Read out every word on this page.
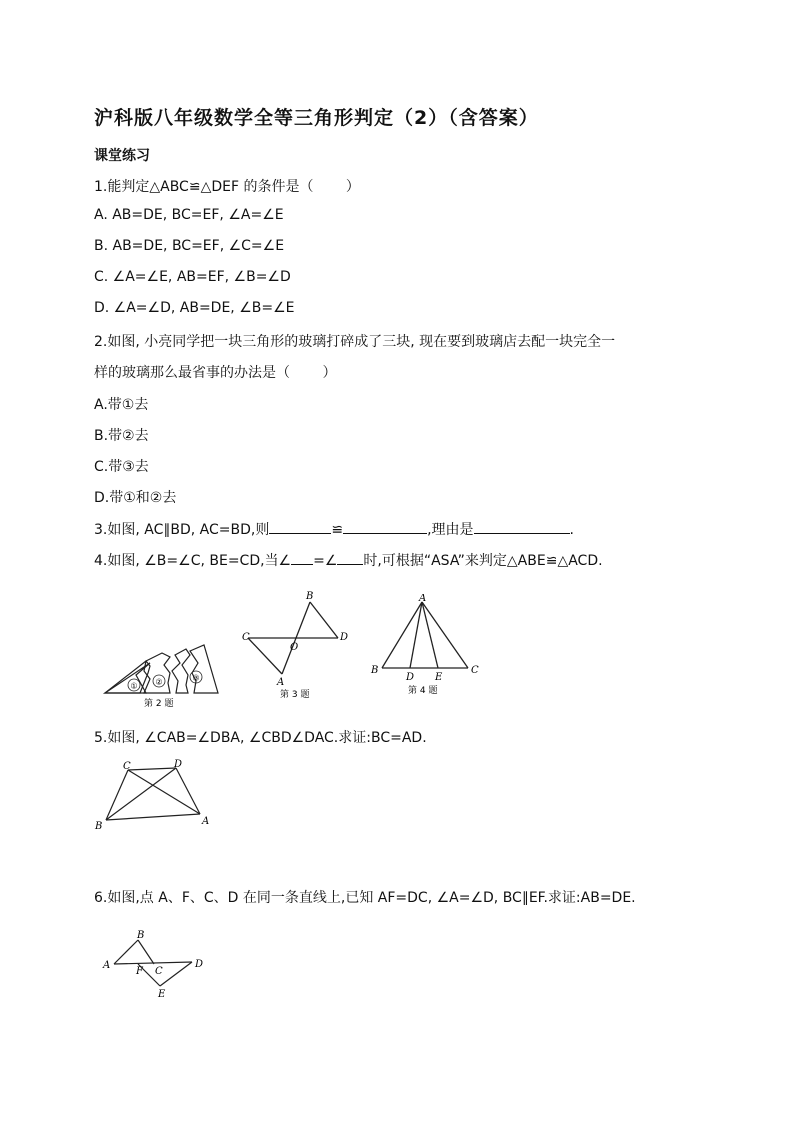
沪科版八年级数学全等三角形判定（2）（含答案）
课堂练习
1.能判定△ABC≌△DEF 的条件是（　　 ）
A. AB=DE, BC=EF, ∠A=∠E
B. AB=DE, BC=EF, ∠C=∠E
C. ∠A=∠E, AB=EF, ∠B=∠D
D. ∠A=∠D, AB=DE, ∠B=∠E
2.如图, 小亮同学把一块三角形的玻璃打碎成了三块, 现在要到玻璃店去配一块完全一
样的玻璃那么最省事的办法是（　　 ）
A.带①去
B.带②去
C.带③去
D.带①和②去
3.如图, AC∥BD, AC=BD,则	≌	,理由是	.
4.如图, ∠B=∠C, BE=CD,当∠ =∠ 时,可根据“ASA”来判定△ABE≌△ACD.
① ②	③
第 2 题
B
C	D
O
A
第 3 题
A
B
D E
C
第 4 题
5.如图, ∠CAB=∠DBA, ∠CBD∠DAC.求证:BC=AD.
C	D
B	A
6.如图,点 A、F、C、D 在同一条直线上,已知 AF=DC, ∠A=∠D, BC∥EF.求证:AB=DE.
B
A
F C
D
E
